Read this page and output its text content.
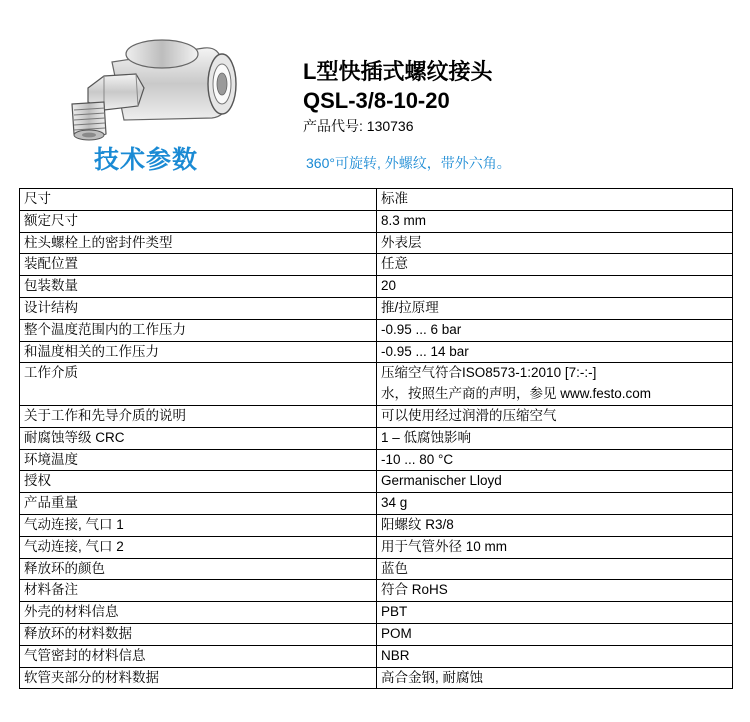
技术参数
L型快插式螺纹接头
QSL-3/8-10-20
产品代号: 130736
360°可旋转, 外螺纹，带外六角。
尺寸	标准
额定尺寸	8.3 mm
柱头螺栓上的密封件类型	外表层
装配位置	任意
包装数量	20
设计结构	推/拉原理
整个温度范围内的工作压力	-0.95 ... 6 bar
和温度相关的工作压力	-0.95 ... 14 bar
工作介质	压缩空气符合ISO8573-1:2010 [7:-:-]
水，按照生产商的声明，参见 www.festo.com

关于工作和先导介质的说明	可以使用经过润滑的压缩空气
耐腐蚀等级 CRC	1 – 低腐蚀影响
环境温度	-10 ... 80 °C
授权	Germanischer Lloyd
产品重量	34 g
气动连接, 气口 1	阳螺纹 R3/8
气动连接, 气口 2	用于气管外径 10 mm
释放环的颜色	蓝色
材料备注	符合 RoHS
外壳的材料信息	PBT
释放环的材料数据	POM
气管密封的材料信息	NBR
软管夹部分的材料数据	高合金钢, 耐腐蚀
